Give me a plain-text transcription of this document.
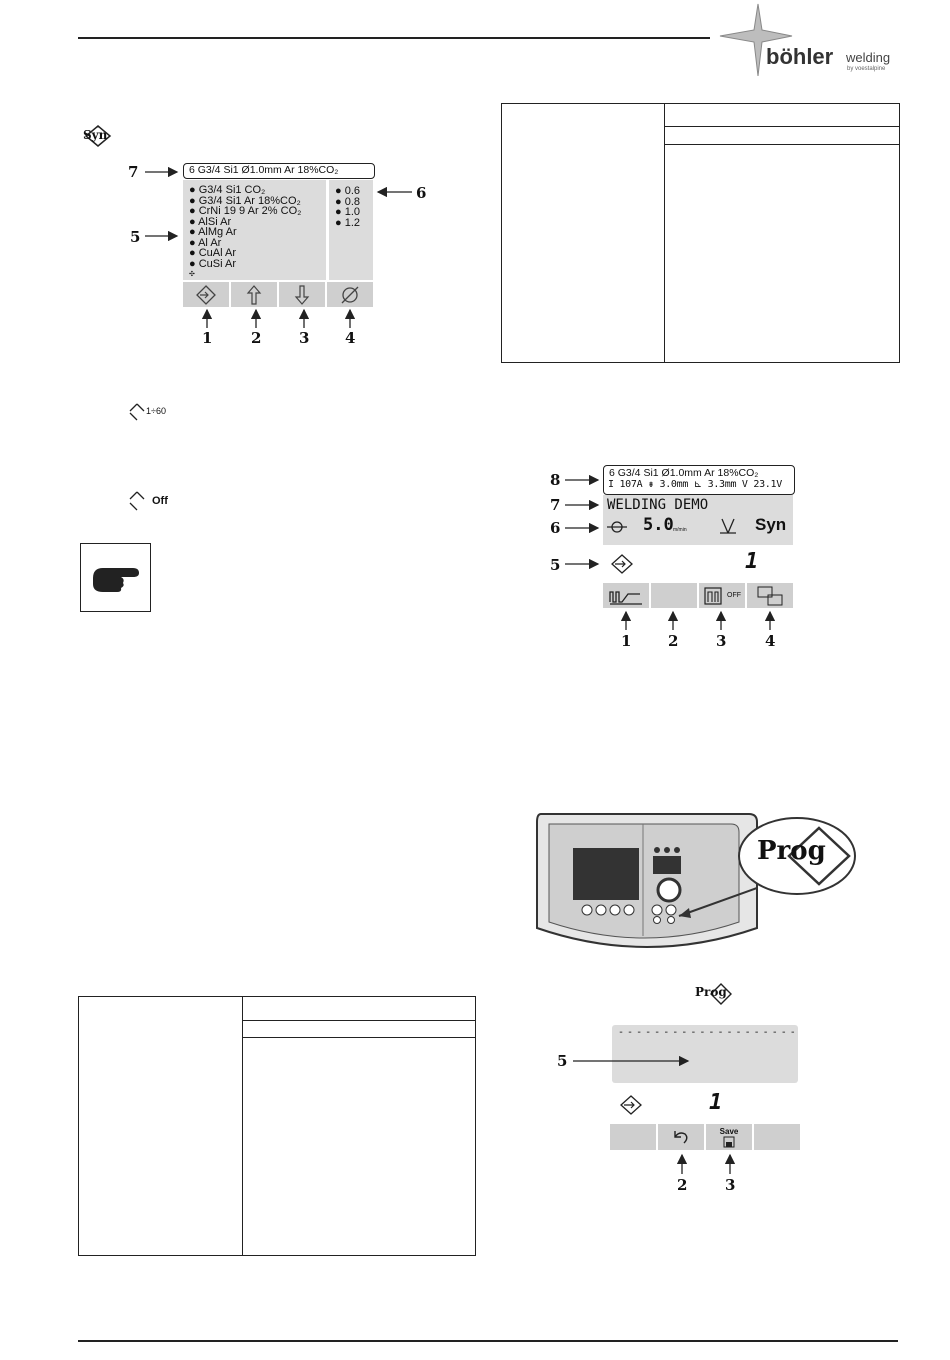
böhler welding
by voestalpine
Syn
6 G3/4 Si1 Ø1.0mm Ar 18%CO₂
● G3/4 Si1 CO₂
● G3/4 Si1 Ar 18%CO₂
● CrNi 19 9 Ar 2% CO₂
● AlSi Ar
● AlMg Ar
● Al Ar
● CuAl Ar
● CuSi Ar
✣
● 0.6
● 0.8
● 1.0
● 1.2
7
5
6
1	2	3 4
1÷60
Off
6 G3/4 Si1 Ø1.0mm Ar 18%CO₂
I 107A ⇟ 3.0mm ⊾ 3.3mm V 23.1V
WELDING DEMO
5.0 m/min	Syn
1
OFF
8
7
6
5
1 2	3	4
Prog
Prog
- - - - - - - - - - - - - - - - - - - -
1
Save
5
2	3
